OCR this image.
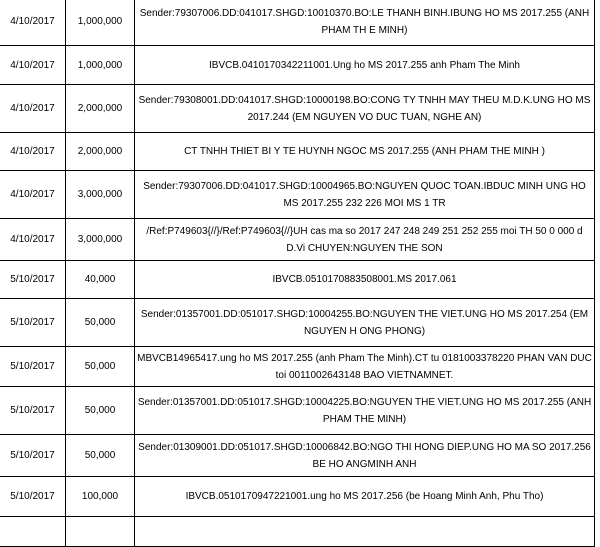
4/10/2017	1,000,000	Sender:79307006.DD:041017.SHGD:10010370.BO:LE THANH BINH.IBUNG HO MS 2017.255 (ANH PHAM TH E MINH)

4/10/2017	1,000,000	IBVCB.0410170342211001.Ung ho MS 2017.255 anh Pham The Minh

4/10/2017	2,000,000	Sender:79308001.DD:041017.SHGD:10000198.BO:CONG TY TNHH MAY THEU M.D.K.UNG HO MS 2017.244 (EM NGUYEN VO DUC TUAN, NGHE AN)

4/10/2017	2,000,000	CT TNHH THIET BI Y TE HUYNH NGOC MS 2017.255 (ANH PHAM THE MINH )

4/10/2017	3,000,000	Sender:79307006.DD:041017.SHGD:10004965.BO:NGUYEN QUOC TOAN.IBDUC MINH UNG HO MS 2017.255 232 226 MOI MS 1 TR

4/10/2017	3,000,000	/Ref:P749603{//}/Ref:P749603{//}UH cas ma so 2017 247 248 249 251 252 255 moi TH 50 0 000 d D.Vi CHUYEN:NGUYEN THE SON

5/10/2017	40,000	IBVCB.0510170883508001.MS 2017.061

5/10/2017	50,000	Sender:01357001.DD:051017.SHGD:10004255.BO:NGUYEN THE VIET.UNG HO MS 2017.254 (EM NGUYEN H ONG PHONG)

5/10/2017	50,000	MBVCB14965417.ung ho MS 2017.255 (anh Pham The Minh).CT tu 0181003378220 PHAN VAN DUC toi 0011002643148 BAO VIETNAMNET.

5/10/2017	50,000	Sender:01357001.DD:051017.SHGD:10004225.BO:NGUYEN THE VIET.UNG HO MS 2017.255 (ANH PHAM THE MINH)

5/10/2017	50,000	Sender:01309001.DD:051017.SHGD:10006842.BO:NGO THI HONG DIEP.UNG HO MA SO 2017.256 BE HO ANGMINH ANH

5/10/2017	100,000	IBVCB.0510170947221001.ung ho MS 2017.256 (be Hoang Minh Anh, Phu Tho)
